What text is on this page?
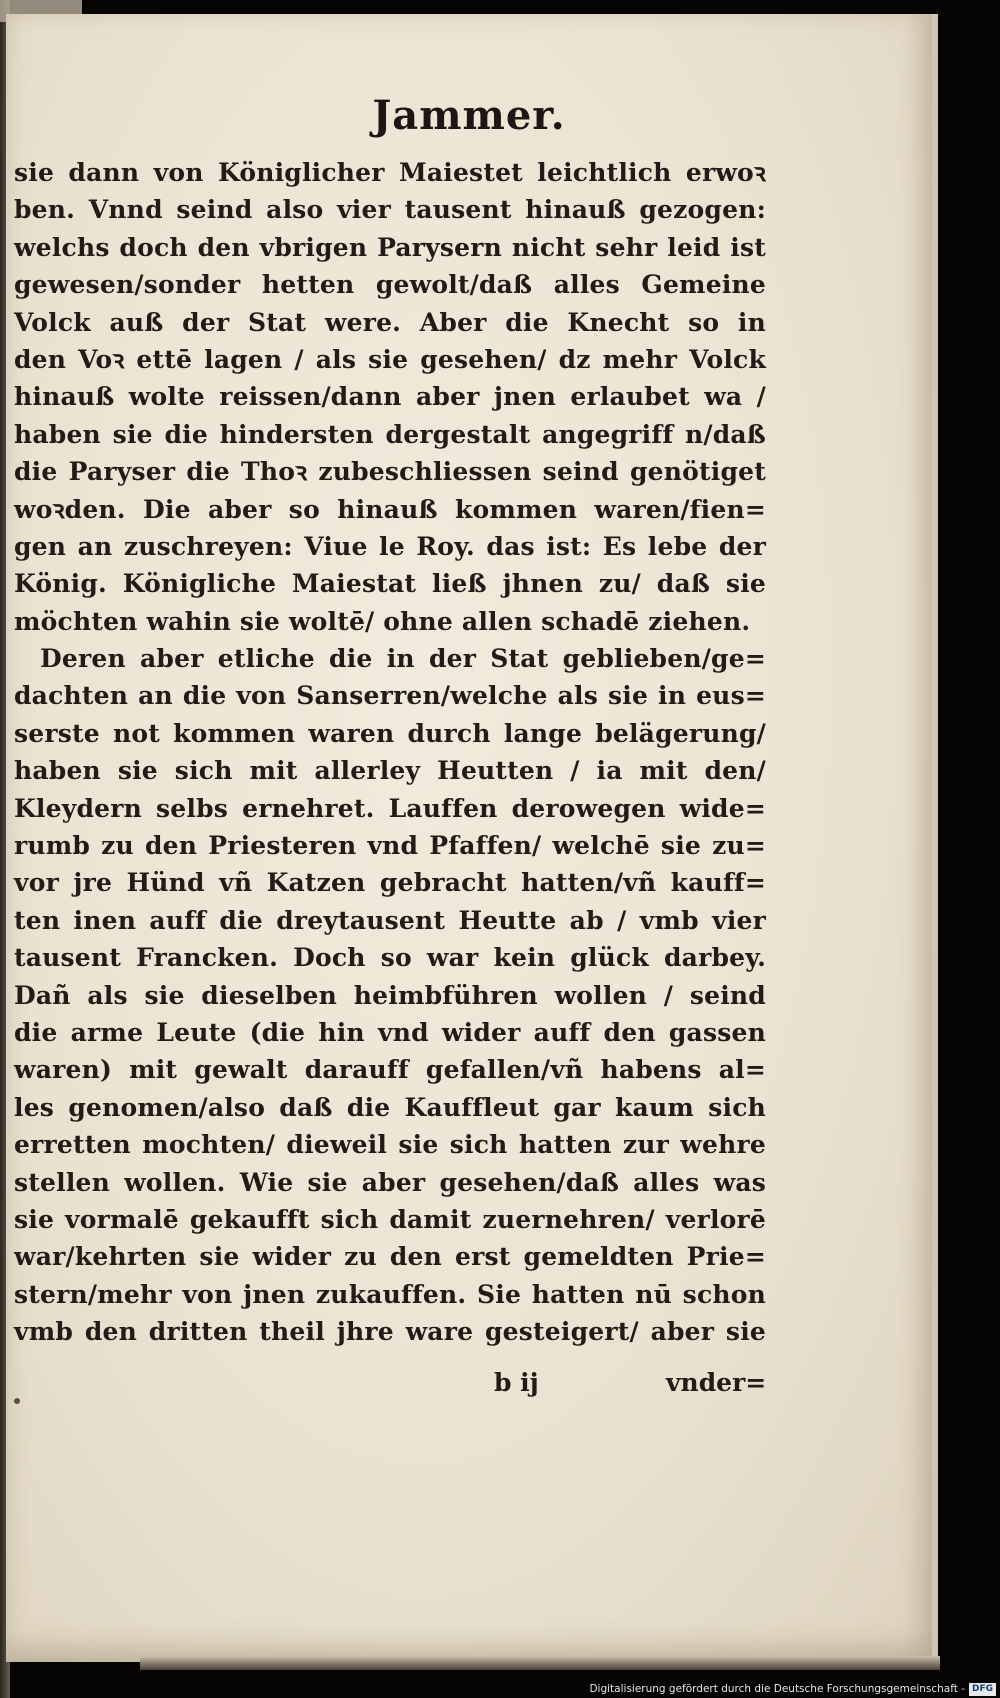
Jammer.
sie dann von Königlicher Maiestet leichtlich erwoꝛ
ben. Vnnd seind also vier tausent hinauß gezogen:
welchs doch den vbrigen Parysern nicht sehr leid ist
gewesen/sonder hetten gewolt/daß alles Gemeine
Volck auß der Stat were. Aber die Knecht so in
den Voꝛ ettē lagen / als sie gesehen/ dz mehr Volck
hinauß wolte reissen/dann aber jnen erlaubet wa /
haben sie die hindersten dergestalt angegriff n/daß
die Paryser die Thoꝛ zubeschliessen seind genötiget
woꝛden. Die aber so hinauß kommen waren/fien=
gen an zuschreyen: Viue le Roy. das ist: Es lebe der
König. Königliche Maiestat ließ jhnen zu/ daß sie
möchten wahin sie woltē/ ohne allen schadē ziehen.
Deren aber etliche die in der Stat geblieben/ge=
dachten an die von Sanserren/welche als sie in eus=
serste not kommen waren durch lange belägerung/
haben sie sich mit allerley Heutten / ia mit den/
Kleydern selbs ernehret. Lauffen derowegen wide=
rumb zu den Priesteren vnd Pfaffen/ welchē sie zu=
vor jre Hünd vñ Katzen gebracht hatten/vñ kauff=
ten inen auff die dreytausent Heutte ab / vmb vier
tausent Francken. Doch so war kein glück darbey.
Dañ als sie dieselben heimbführen wollen / seind
die arme Leute (die hin vnd wider auff den gassen
waren) mit gewalt darauff gefallen/vñ habens al=
les genomen/also daß die Kauffleut gar kaum sich
erretten mochten/ dieweil sie sich hatten zur wehre
stellen wollen. Wie sie aber gesehen/daß alles was
sie vormalē gekaufft sich damit zuernehren/ verlorē
war/kehrten sie wider zu den erst gemeldten Prie=
stern/mehr von jnen zukauffen. Sie hatten nū schon
vmb den dritten theil jhre ware gesteigert/ aber sie
b ij	vnder=
Digitalisierung gefördert durch die Deutsche Forschungsgemeinschaft - DFG
